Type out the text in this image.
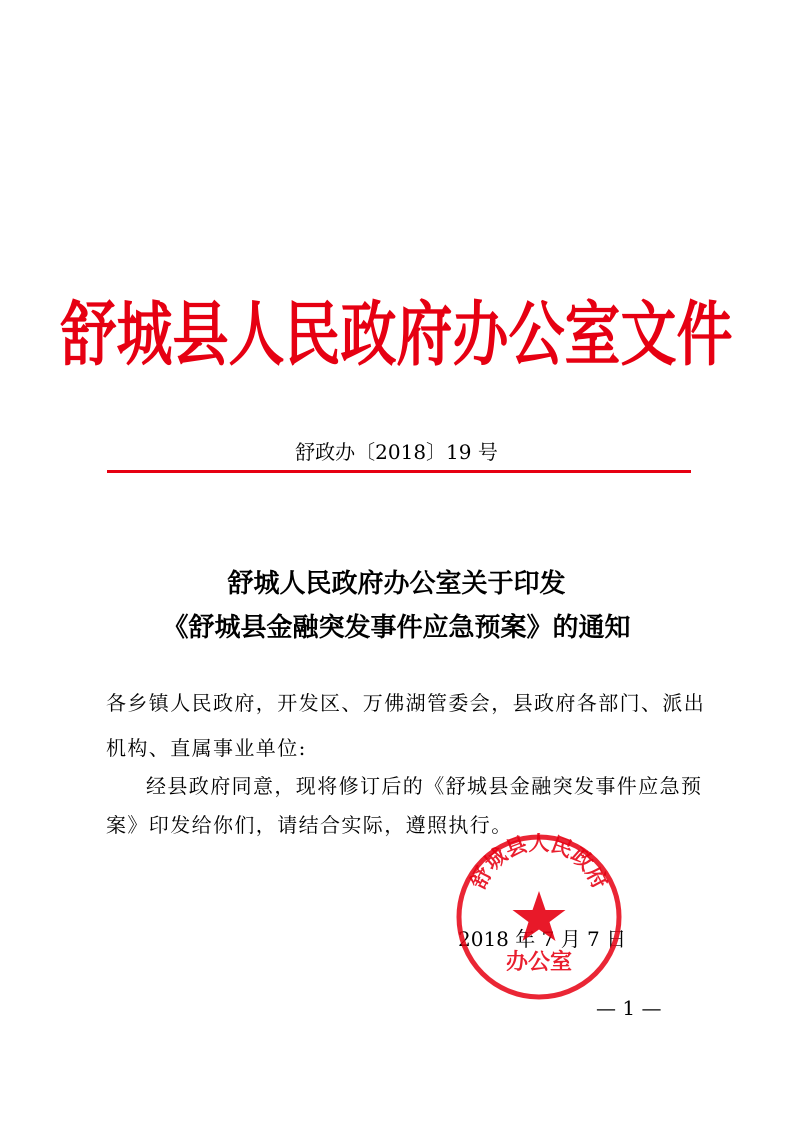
舒城县人民政府办公室文件
舒政办〔2018〕19 号
舒城人民政府办公室关于印发
《舒城县金融突发事件应急预案》的通知
各乡镇人民政府，开发区、万佛湖管委会，县政府各部门、派出
机构、直属事业单位:
经县政府同意，现将修订后的《舒城县金融突发事件应急预
案》印发给你们，请结合实际，遵照执行。
2018 年 7 月 7 日
舒城县人民政府
办公室
— 1 —
